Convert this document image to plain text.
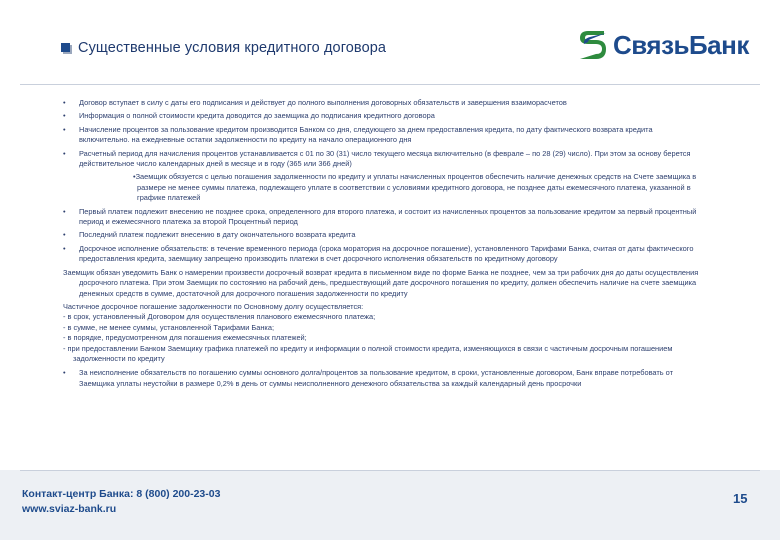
Существенные условия кредитного договора	СвязьБанк

• Договор вступает в силу с даты его подписания и действует до полного выполнения договорных обязательств и завершения взаиморасчетов

• Информация о полной стоимости кредита доводится до заемщика до подписания кредитного договора

• Начисление процентов за пользование кредитом производится Банком со дня, следующего за днем предоставления кредита, по дату фактического возврата кредита включительно. на ежедневные остатки задолженности по кредиту на начало операционного дня

• Расчетный период для начисления процентов устанавливается с 01 по 30 (31) число текущего месяца включительно (в феврале – по 28 (29) число). При этом за основу берется действительное число календарных дней в месяце и в году (365 или 366 дней)

•Заемщик обязуется с целью погашения задолженности по кредиту и уплаты начисленных процентов обеспечить наличие денежных средств на Счете заемщика в размере не менее суммы платежа, подлежащего уплате в соответствии с условиями кредитного договора, не позднее даты ежемесячного платежа, указанной в графике платежей

• Первый платеж подлежит внесению не позднее срока, определенного для второго платежа, и состоит из начисленных процентов за пользование кредитом за первый процентный период и ежемесячного платежа за второй Процентный период

• Последний платеж подлежит внесению в дату окончательного возврата кредита

• Досрочное исполнение обязательств: в течение временного периода (срока моратория на досрочное погашение), установленного Тарифами Банка, считая от даты фактического предоставления кредита, заемщику запрещено производить платежи в счет досрочного исполнения обязательств по кредитному договору

Заемщик обязан уведомить Банк о намерении произвести досрочный возврат кредита в письменном виде по форме Банка не позднее, чем за три рабочих дня до даты осуществления досрочного платежа. При этом Заемщик по состоянию на рабочий день, предшествующий дате досрочного погашения по кредиту, должен обеспечить наличие на счете заемщика денежных средств в сумме, достаточной для досрочного погашения задолженности по кредиту

Частичное досрочное погашение задолженности по Основному долгу осуществляется:

- в срок, установленный Договором для осуществления планового ежемесячного платежа;

- в сумме, не менее суммы, установленной Тарифами Банка;

- в порядке, предусмотренном для погашения ежемесячных платежей;

- при предоставлении Банком Заемщику графика платежей по кредиту и информации о полной стоимости кредита, изменяющихся в связи с частичным досрочным погашением задолженности по кредиту

• За неисполнение обязательств по погашению суммы основного долга/процентов за пользование кредитом, в сроки, установленные договором, Банк вправе потребовать от Заемщика уплаты неустойки в размере 0,2% в день от суммы неисполненного денежного обязательства за каждый календарный день просрочки

Контакт-центр Банка: 8 (800) 200-23-03
www.sviaz-bank.ru
15
